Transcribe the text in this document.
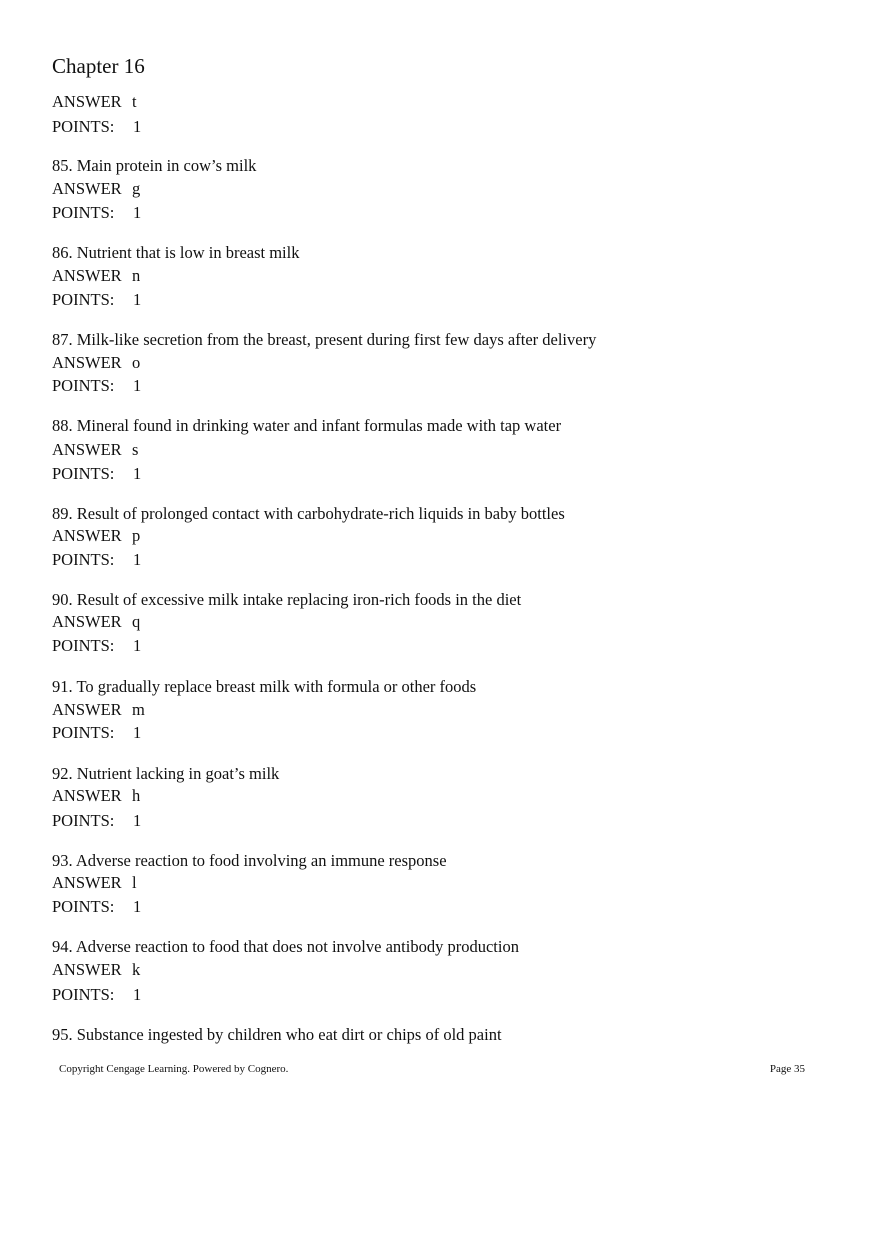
Chapter 16
ANSWER t
POINTS: 1
85. Main protein in cow’s milk
ANSWER g
POINTS: 1
86. Nutrient that is low in breast milk
ANSWER n
POINTS: 1
87. Milk-like secretion from the breast, present during first few days after delivery
ANSWER o
POINTS: 1
88. Mineral found in drinking water and infant formulas made with tap water
ANSWER s
POINTS: 1
89. Result of prolonged contact with carbohydrate-rich liquids in baby bottles
ANSWER p
POINTS: 1
90. Result of excessive milk intake replacing iron-rich foods in the diet
ANSWER q
POINTS: 1
91. To gradually replace breast milk with formula or other foods
ANSWER m
POINTS: 1
92. Nutrient lacking in goat’s milk
ANSWER h
POINTS: 1
93. Adverse reaction to food involving an immune response
ANSWER l
POINTS: 1
94. Adverse reaction to food that does not involve antibody production
ANSWER k
POINTS: 1
95. Substance ingested by children who eat dirt or chips of old paint
Copyright Cengage Learning. Powered by Cognero.	Page 35
